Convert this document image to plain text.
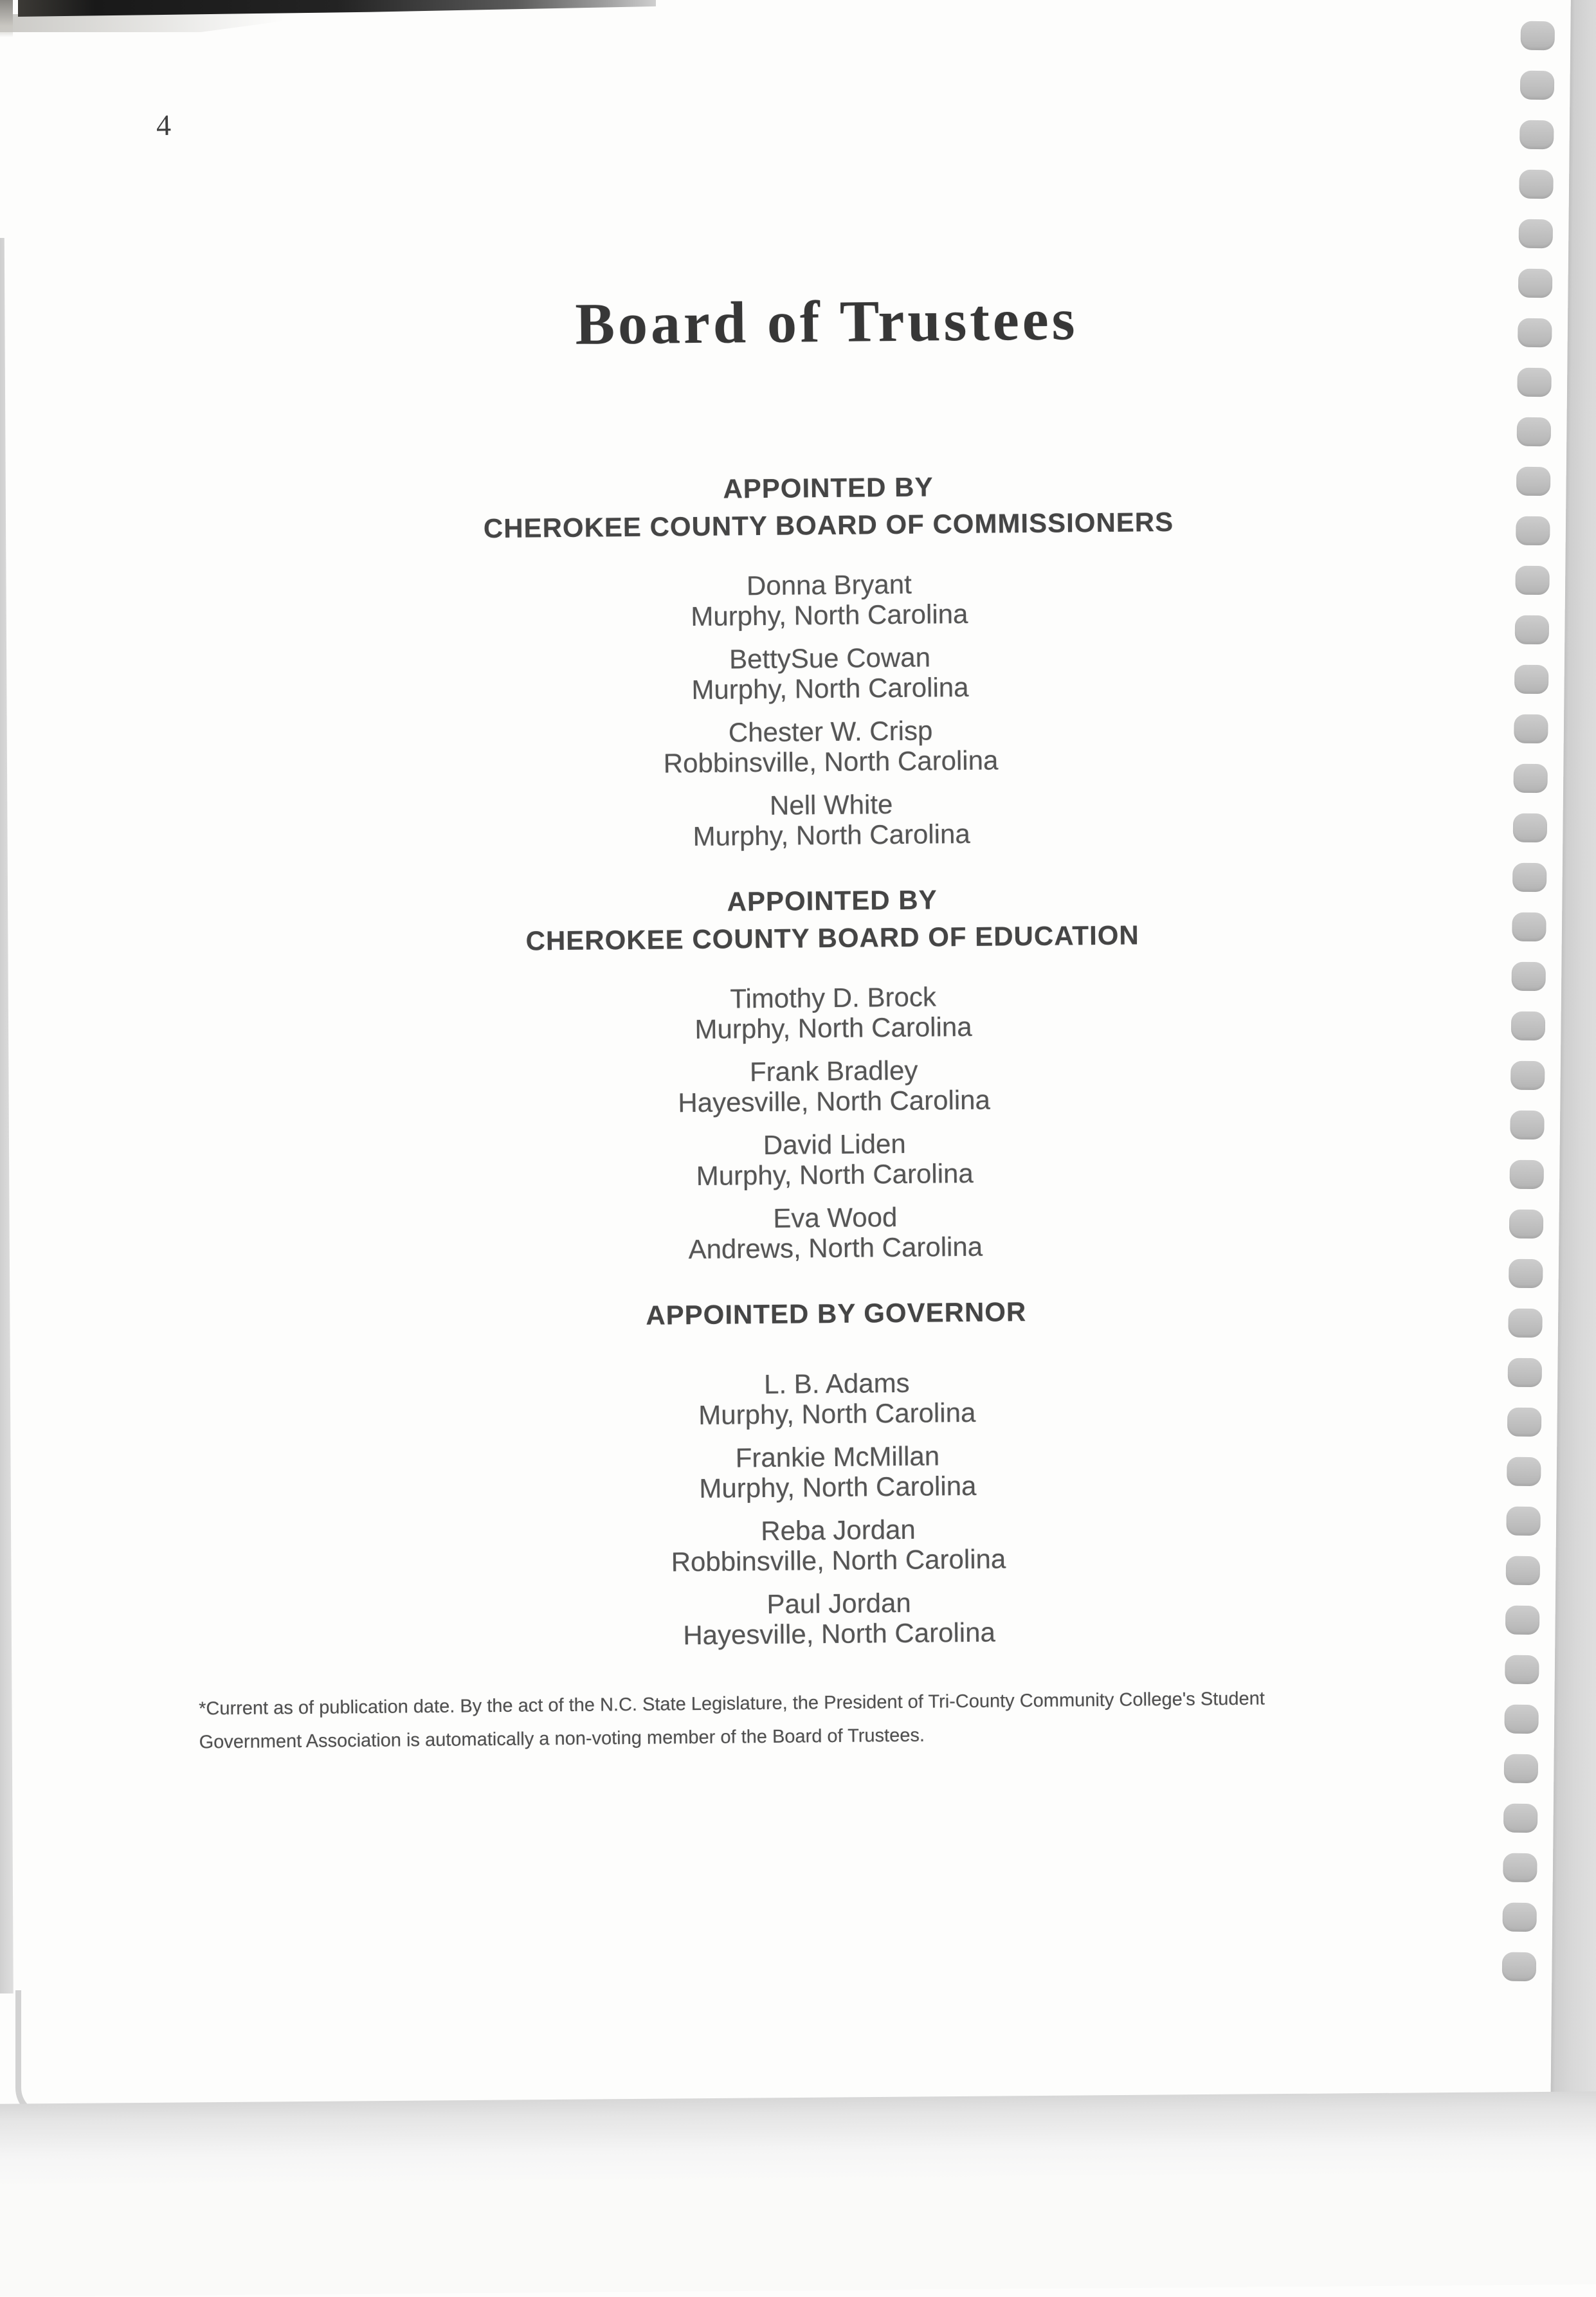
4
Board of Trustees
APPOINTED BY
CHEROKEE COUNTY BOARD OF COMMISSIONERS
Donna Bryant
Murphy, North Carolina
BettySue Cowan
Murphy, North Carolina
Chester W. Crisp
Robbinsville, North Carolina
Nell White
Murphy, North Carolina
APPOINTED BY
CHEROKEE COUNTY BOARD OF EDUCATION
Timothy D. Brock
Murphy, North Carolina
Frank Bradley
Hayesville, North Carolina
David Liden
Murphy, North Carolina
Eva Wood
Andrews, North Carolina
APPOINTED BY GOVERNOR
L. B. Adams
Murphy, North Carolina
Frankie McMillan
Murphy, North Carolina
Reba Jordan
Robbinsville, North Carolina
Paul Jordan
Hayesville, North Carolina
*Current as of publication date. By the act of the N.C. State Legislature, the President of Tri-County Community College's Student
Government Association is automatically a non-voting member of the Board of Trustees.
